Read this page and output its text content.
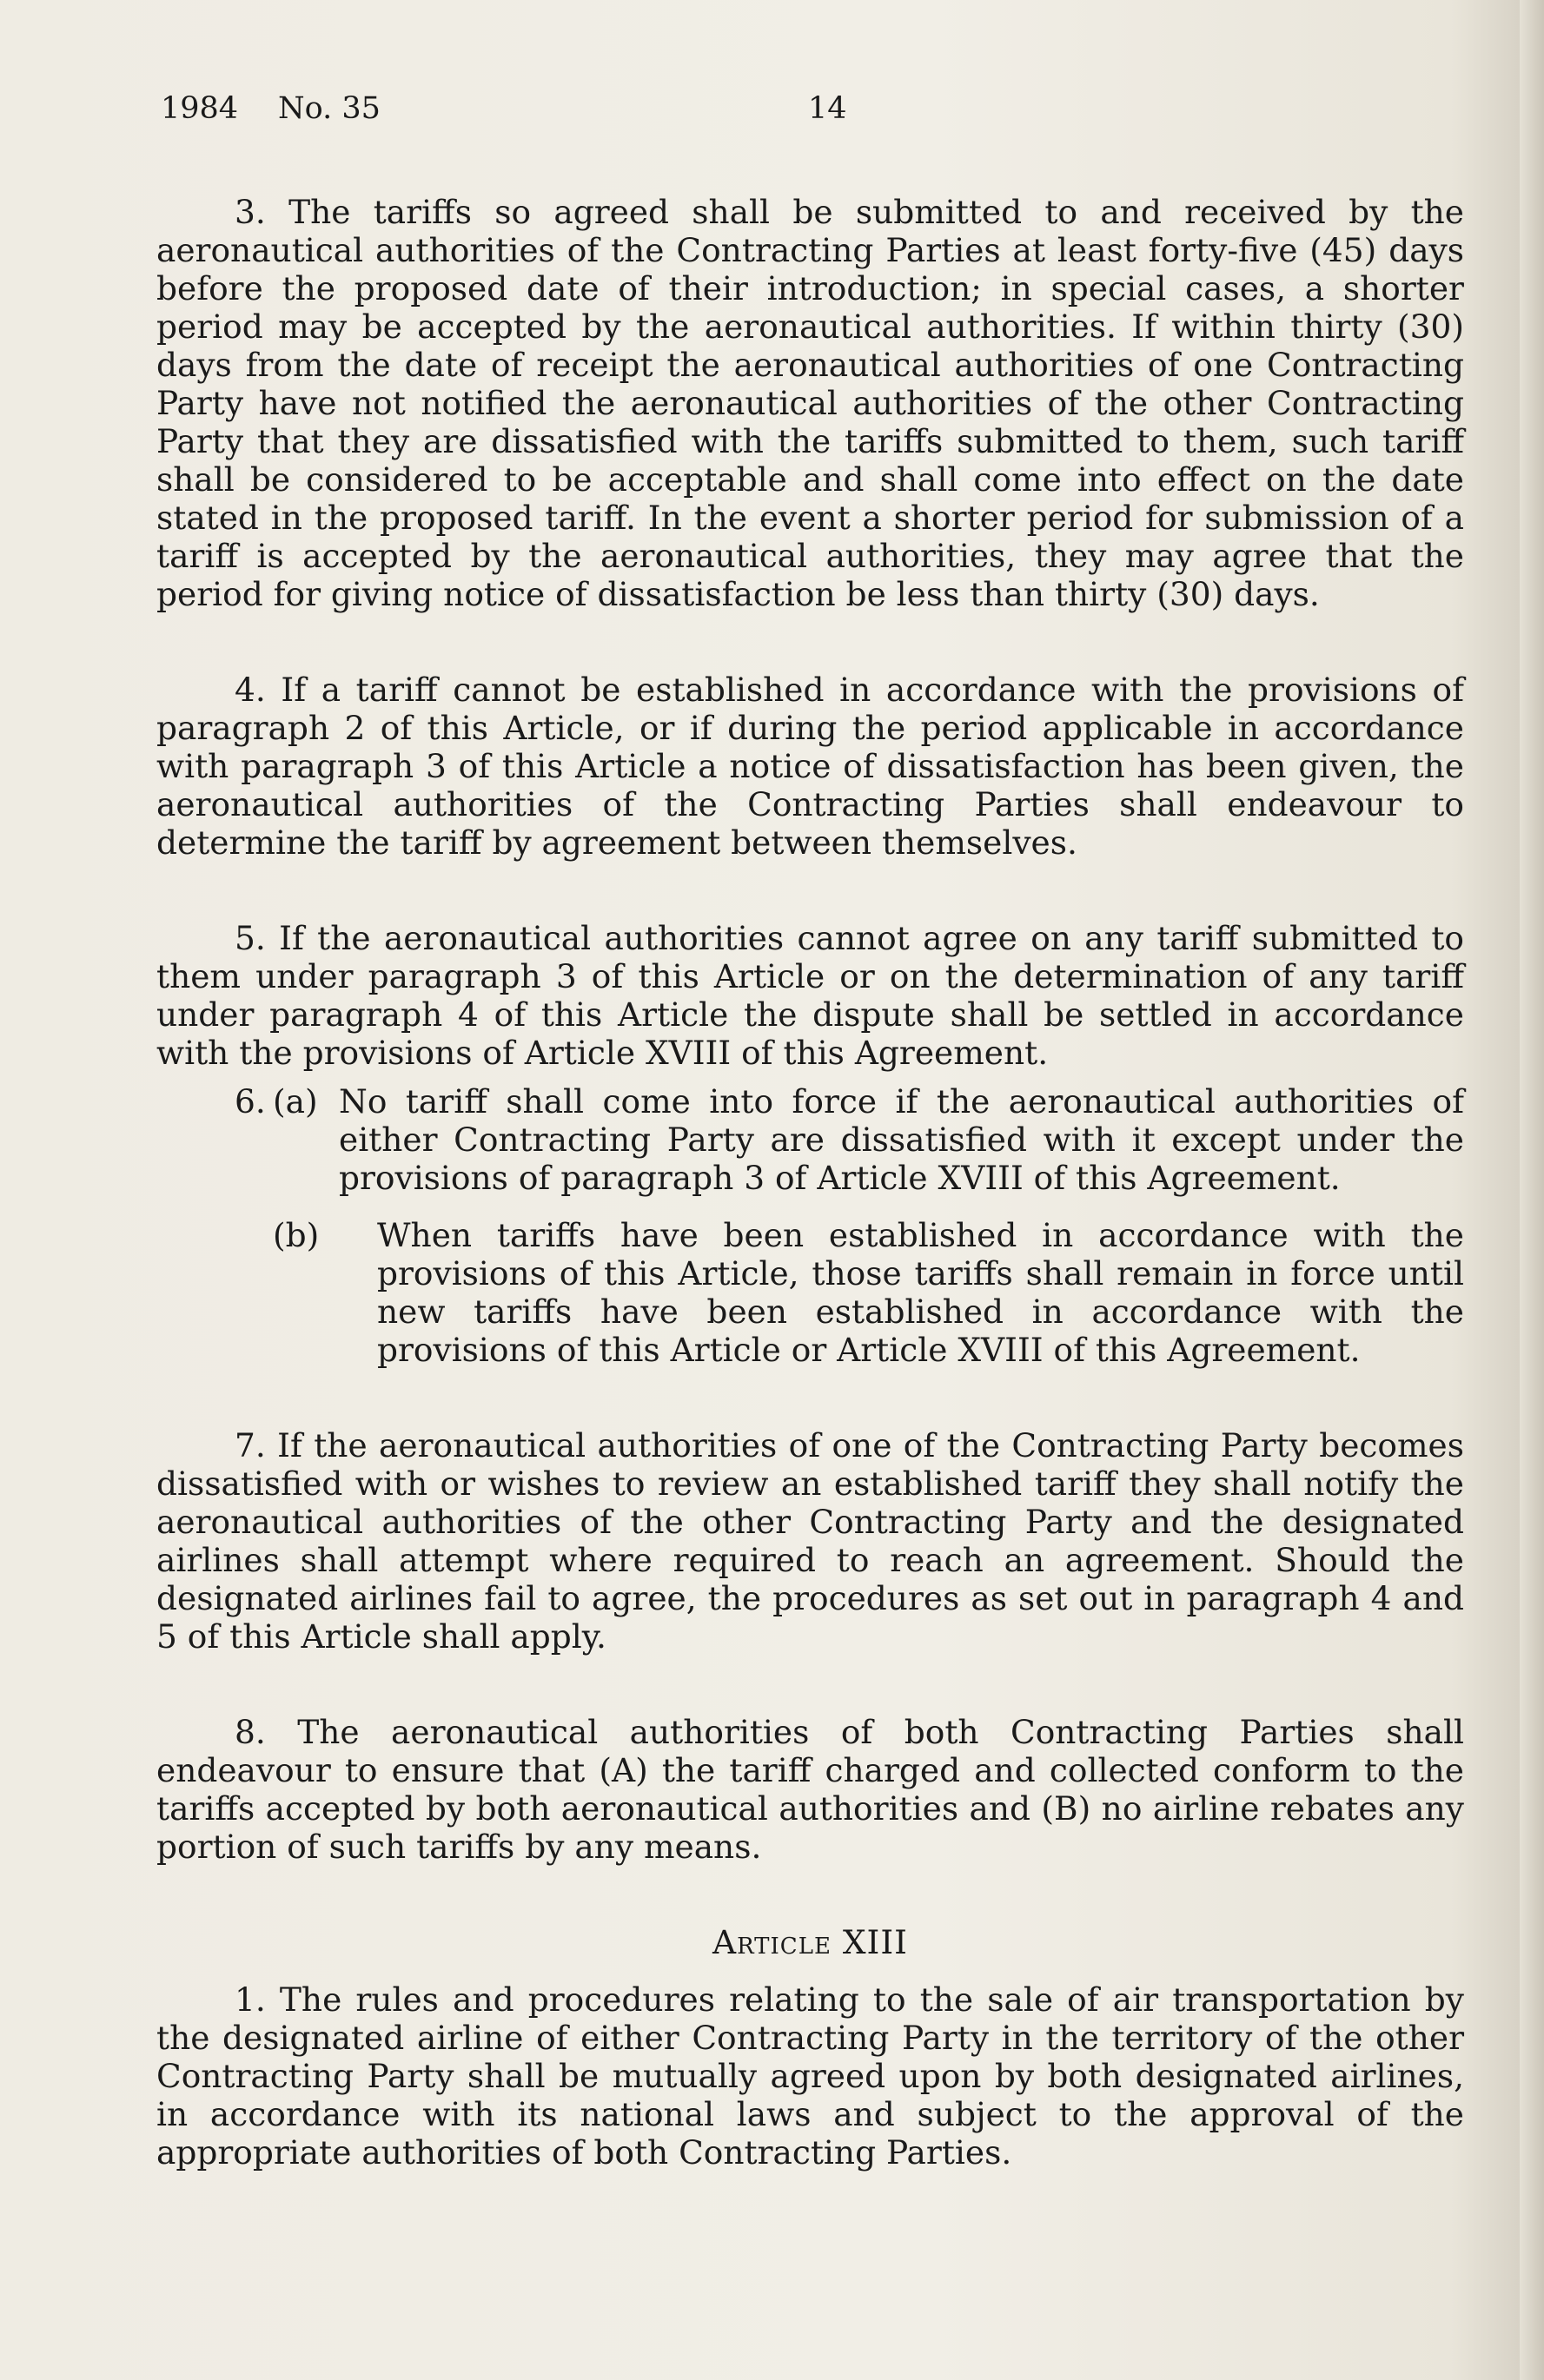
1984 No. 35	14

3. The tariffs so agreed shall be submitted to and received by the aeronautical authorities of the Contracting Parties at least forty-five (45) days before the proposed date of their introduction; in special cases, a shorter period may be accepted by the aeronautical authorities. If within thirty (30) days from the date of receipt the aeronautical authorities of one Contracting Party have not notified the aeronautical authorities of the other Contracting Party that they are dissatisfied with the tariffs submitted to them, such tariff shall be considered to be acceptable and shall come into effect on the date stated in the proposed tariff. In the event a shorter period for submission of a tariff is accepted by the aeronautical authorities, they may agree that the period for giving notice of dissatisfaction be less than thirty (30) days.

4. If a tariff cannot be established in accordance with the provisions of paragraph 2 of this Article, or if during the period applicable in accordance with paragraph 3 of this Article a notice of dissatisfaction has been given, the aeronautical authorities of the Contracting Parties shall endeavour to determine the tariff by agreement between themselves.

5. If the aeronautical authorities cannot agree on any tariff submitted to them under paragraph 3 of this Article or on the determination of any tariff under paragraph 4 of this Article the dispute shall be settled in accordance with the provisions of Article XVIII of this Agreement.

6. (a) No tariff shall come into force if the aeronautical authorities of either Contracting Party are dissatisfied with it except under the provisions of paragraph 3 of Article XVIII of this Agreement.
(b)	When tariffs have been established in accordance with the provisions of this Article, those tariffs shall remain in force until new tariffs have been established in accordance with the provisions of this Article or Article XVIII of this Agreement.

7. If the aeronautical authorities of one of the Contracting Party becomes dissatisfied with or wishes to review an established tariff they shall notify the aeronautical authorities of the other Contracting Party and the designated airlines shall attempt where required to reach an agreement. Should the designated airlines fail to agree, the procedures as set out in paragraph 4 and 5 of this Article shall apply.

8. The aeronautical authorities of both Contracting Parties shall endeavour to ensure that (A) the tariff charged and collected conform to the tariffs accepted by both aeronautical authorities and (B) no airline rebates any portion of such tariffs by any means.

Article XIII

1. The rules and procedures relating to the sale of air transportation by the designated airline of either Contracting Party in the territory of the other Contracting Party shall be mutually agreed upon by both designated airlines, in accordance with its national laws and subject to the approval of the appropriate authorities of both Contracting Parties.
